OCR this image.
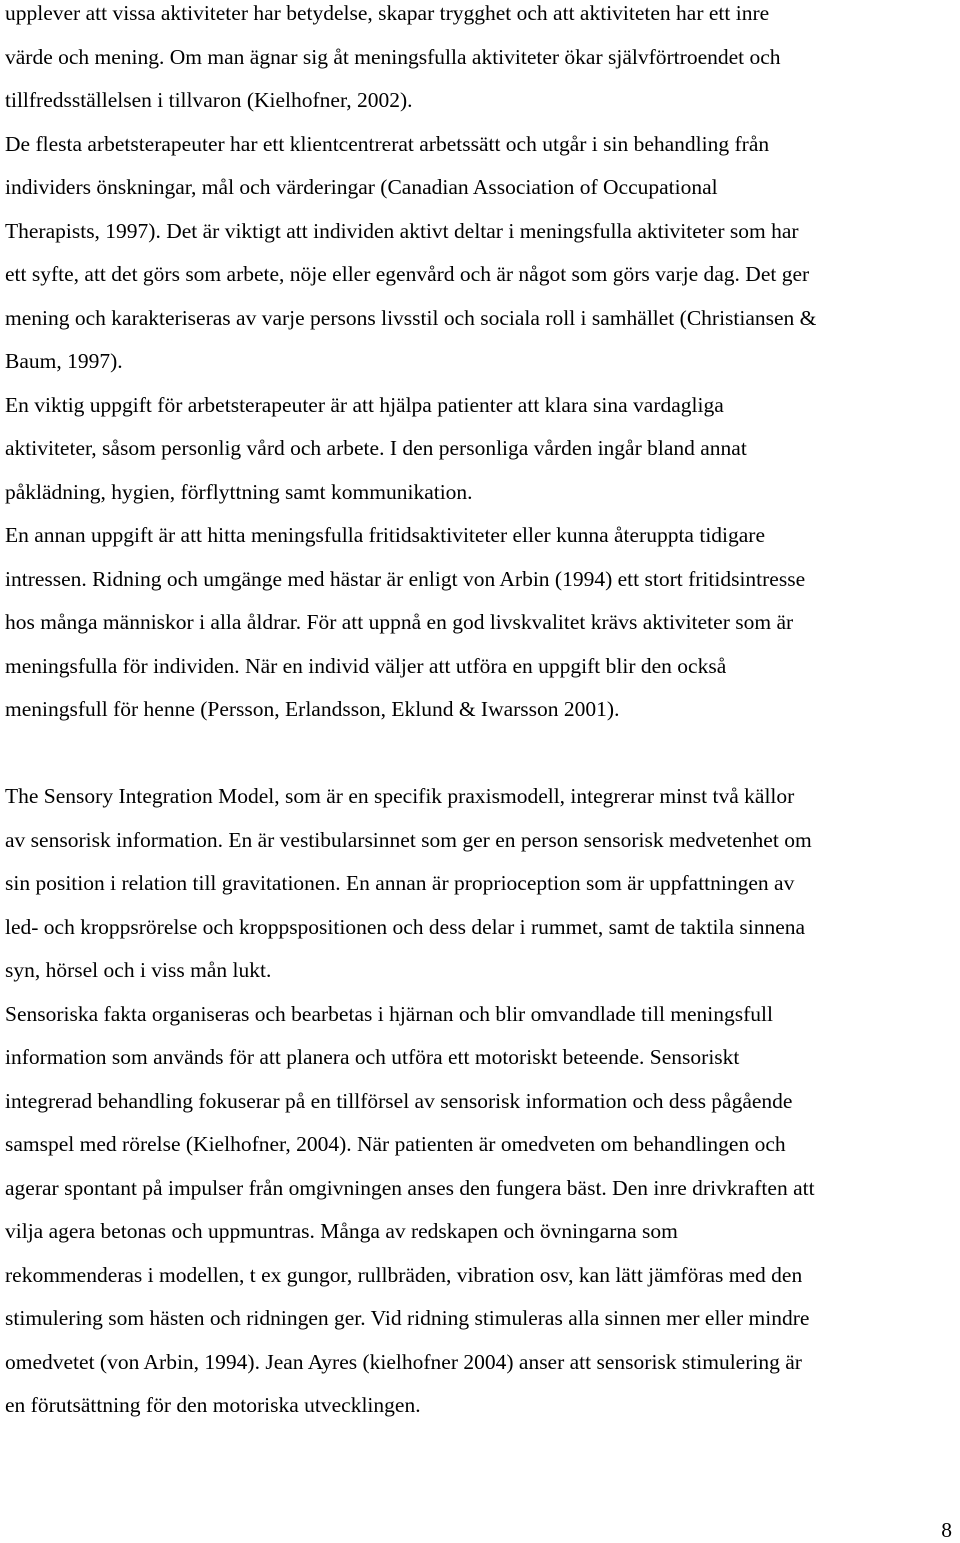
upplever att vissa aktiviteter har betydelse, skapar trygghet och att aktiviteten har ett inre
värde och mening. Om man ägnar sig åt meningsfulla aktiviteter ökar självförtroendet och
tillfredsställelsen i tillvaron (Kielhofner, 2002).
De flesta arbetsterapeuter har ett klientcentrerat arbetssätt och utgår i sin behandling från
individers önskningar, mål och värderingar (Canadian Association of Occupational
Therapists, 1997). Det är viktigt att individen aktivt deltar i meningsfulla aktiviteter som har
ett syfte, att det görs som arbete, nöje eller egenvård och är något som görs varje dag. Det ger
mening och karakteriseras av varje persons livsstil och sociala roll i samhället (Christiansen &
Baum, 1997).
En viktig uppgift för arbetsterapeuter är att hjälpa patienter att klara sina vardagliga
aktiviteter, såsom personlig vård och arbete. I den personliga vården ingår bland annat
påklädning, hygien, förflyttning samt kommunikation.
En annan uppgift är att hitta meningsfulla fritidsaktiviteter eller kunna återuppta tidigare
intressen. Ridning och umgänge med hästar är enligt von Arbin (1994) ett stort fritidsintresse
hos många människor i alla åldrar. För att uppnå en god livskvalitet krävs aktiviteter som är
meningsfulla för individen. När en individ väljer att utföra en uppgift blir den också
meningsfull för henne (Persson, Erlandsson, Eklund & Iwarsson 2001).
The Sensory Integration Model, som är en specifik praxismodell, integrerar minst två källor
av sensorisk information. En är vestibularsinnet som ger en person sensorisk medvetenhet om
sin position i relation till gravitationen. En annan är proprioception som är uppfattningen av
led- och kroppsrörelse och kroppspositionen och dess delar i rummet, samt de taktila sinnena
syn, hörsel och i viss mån lukt.
Sensoriska fakta organiseras och bearbetas i hjärnan och blir omvandlade till meningsfull
information som används för att planera och utföra ett motoriskt beteende. Sensoriskt
integrerad behandling fokuserar på en tillförsel av sensorisk information och dess pågående
samspel med rörelse (Kielhofner, 2004). När patienten är omedveten om behandlingen och
agerar spontant på impulser från omgivningen anses den fungera bäst. Den inre drivkraften att
vilja agera betonas och uppmuntras. Många av redskapen och övningarna som
rekommenderas i modellen, t ex gungor, rullbräden, vibration osv, kan lätt jämföras med den
stimulering som hästen och ridningen ger. Vid ridning stimuleras alla sinnen mer eller mindre
omedvetet (von Arbin, 1994). Jean Ayres (kielhofner 2004) anser att sensorisk stimulering är
en förutsättning för den motoriska utvecklingen.
8
